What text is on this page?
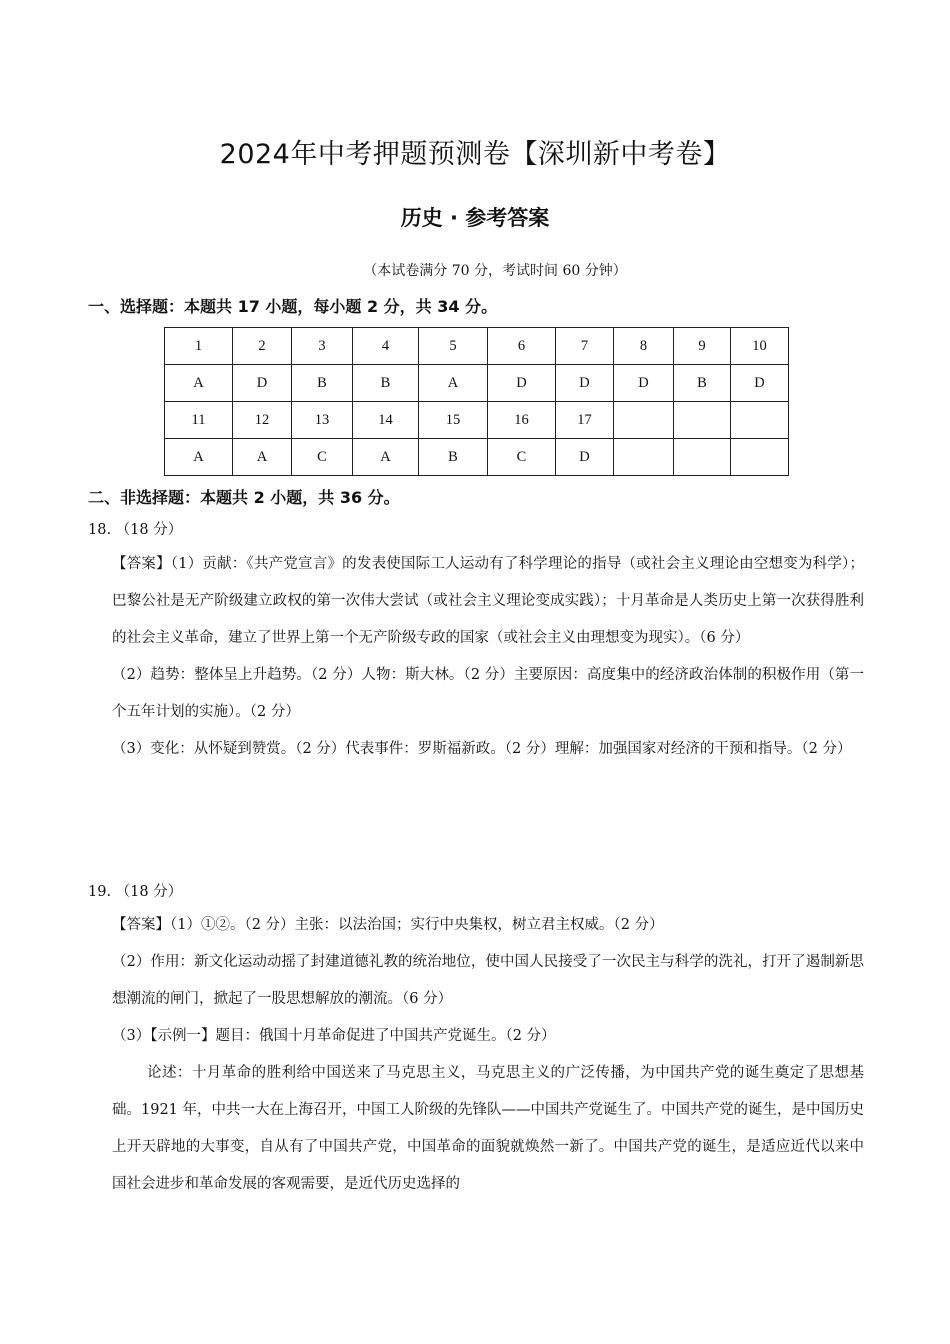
2024年中考押题预测卷【深圳新中考卷】
历史 · 参考答案
（本试卷满分 70 分，考试时间 60 分钟）
一、选择题：本题共 17 小题，每小题 2 分，共 34 分。
1	2	3	4	5	6	7	8	9	10
A	D	B	B	A	D	D	D	B	D
11	12	13	14	15	16	17			
A	A	C	A	B	C	D			
二、非选择题：本题共 2 小题，共 36 分。
18. （18 分）
【答案】（1）贡献：《共产党宣言》的发表使国际工人运动有了科学理论的指导（或社会主义理论由空想变为科学）；巴黎公社是无产阶级建立政权的第一次伟大尝试（或社会主义理论变成实践）；十月革命是人类历史上第一次获得胜利的社会主义革命，建立了世界上第一个无产阶级专政的国家（或社会主义由理想变为现实）。（6 分）
（2）趋势：整体呈上升趋势。（2 分）人物：斯大林。（2 分）主要原因：高度集中的经济政治体制的积极作用（第一个五年计划的实施）。（2 分）
（3）变化：从怀疑到赞赏。（2 分）代表事件：罗斯福新政。（2 分）理解：加强国家对经济的干预和指导。（2 分）
19. （18 分）
【答案】（1）①②。（2 分）主张：以法治国；实行中央集权，树立君主权威。（2 分）
（2）作用：新文化运动动摇了封建道德礼教的统治地位，使中国人民接受了一次民主与科学的洗礼，打开了遏制新思想潮流的闸门，掀起了一股思想解放的潮流。（6 分）
（3）【示例一】题目：俄国十月革命促进了中国共产党诞生。（2 分）
论述：十月革命的胜利给中国送来了马克思主义，马克思主义的广泛传播，为中国共产党的诞生奠定了思想基础。1921 年，中共一大在上海召开，中国工人阶级的先锋队——中国共产党诞生了。中国共产党的诞生，是中国历史上开天辟地的大事变，自从有了中国共产党，中国革命的面貌就焕然一新了。中国共产党的诞生，是适应近代以来中国社会进步和革命发展的客观需要，是近代历史选择的
